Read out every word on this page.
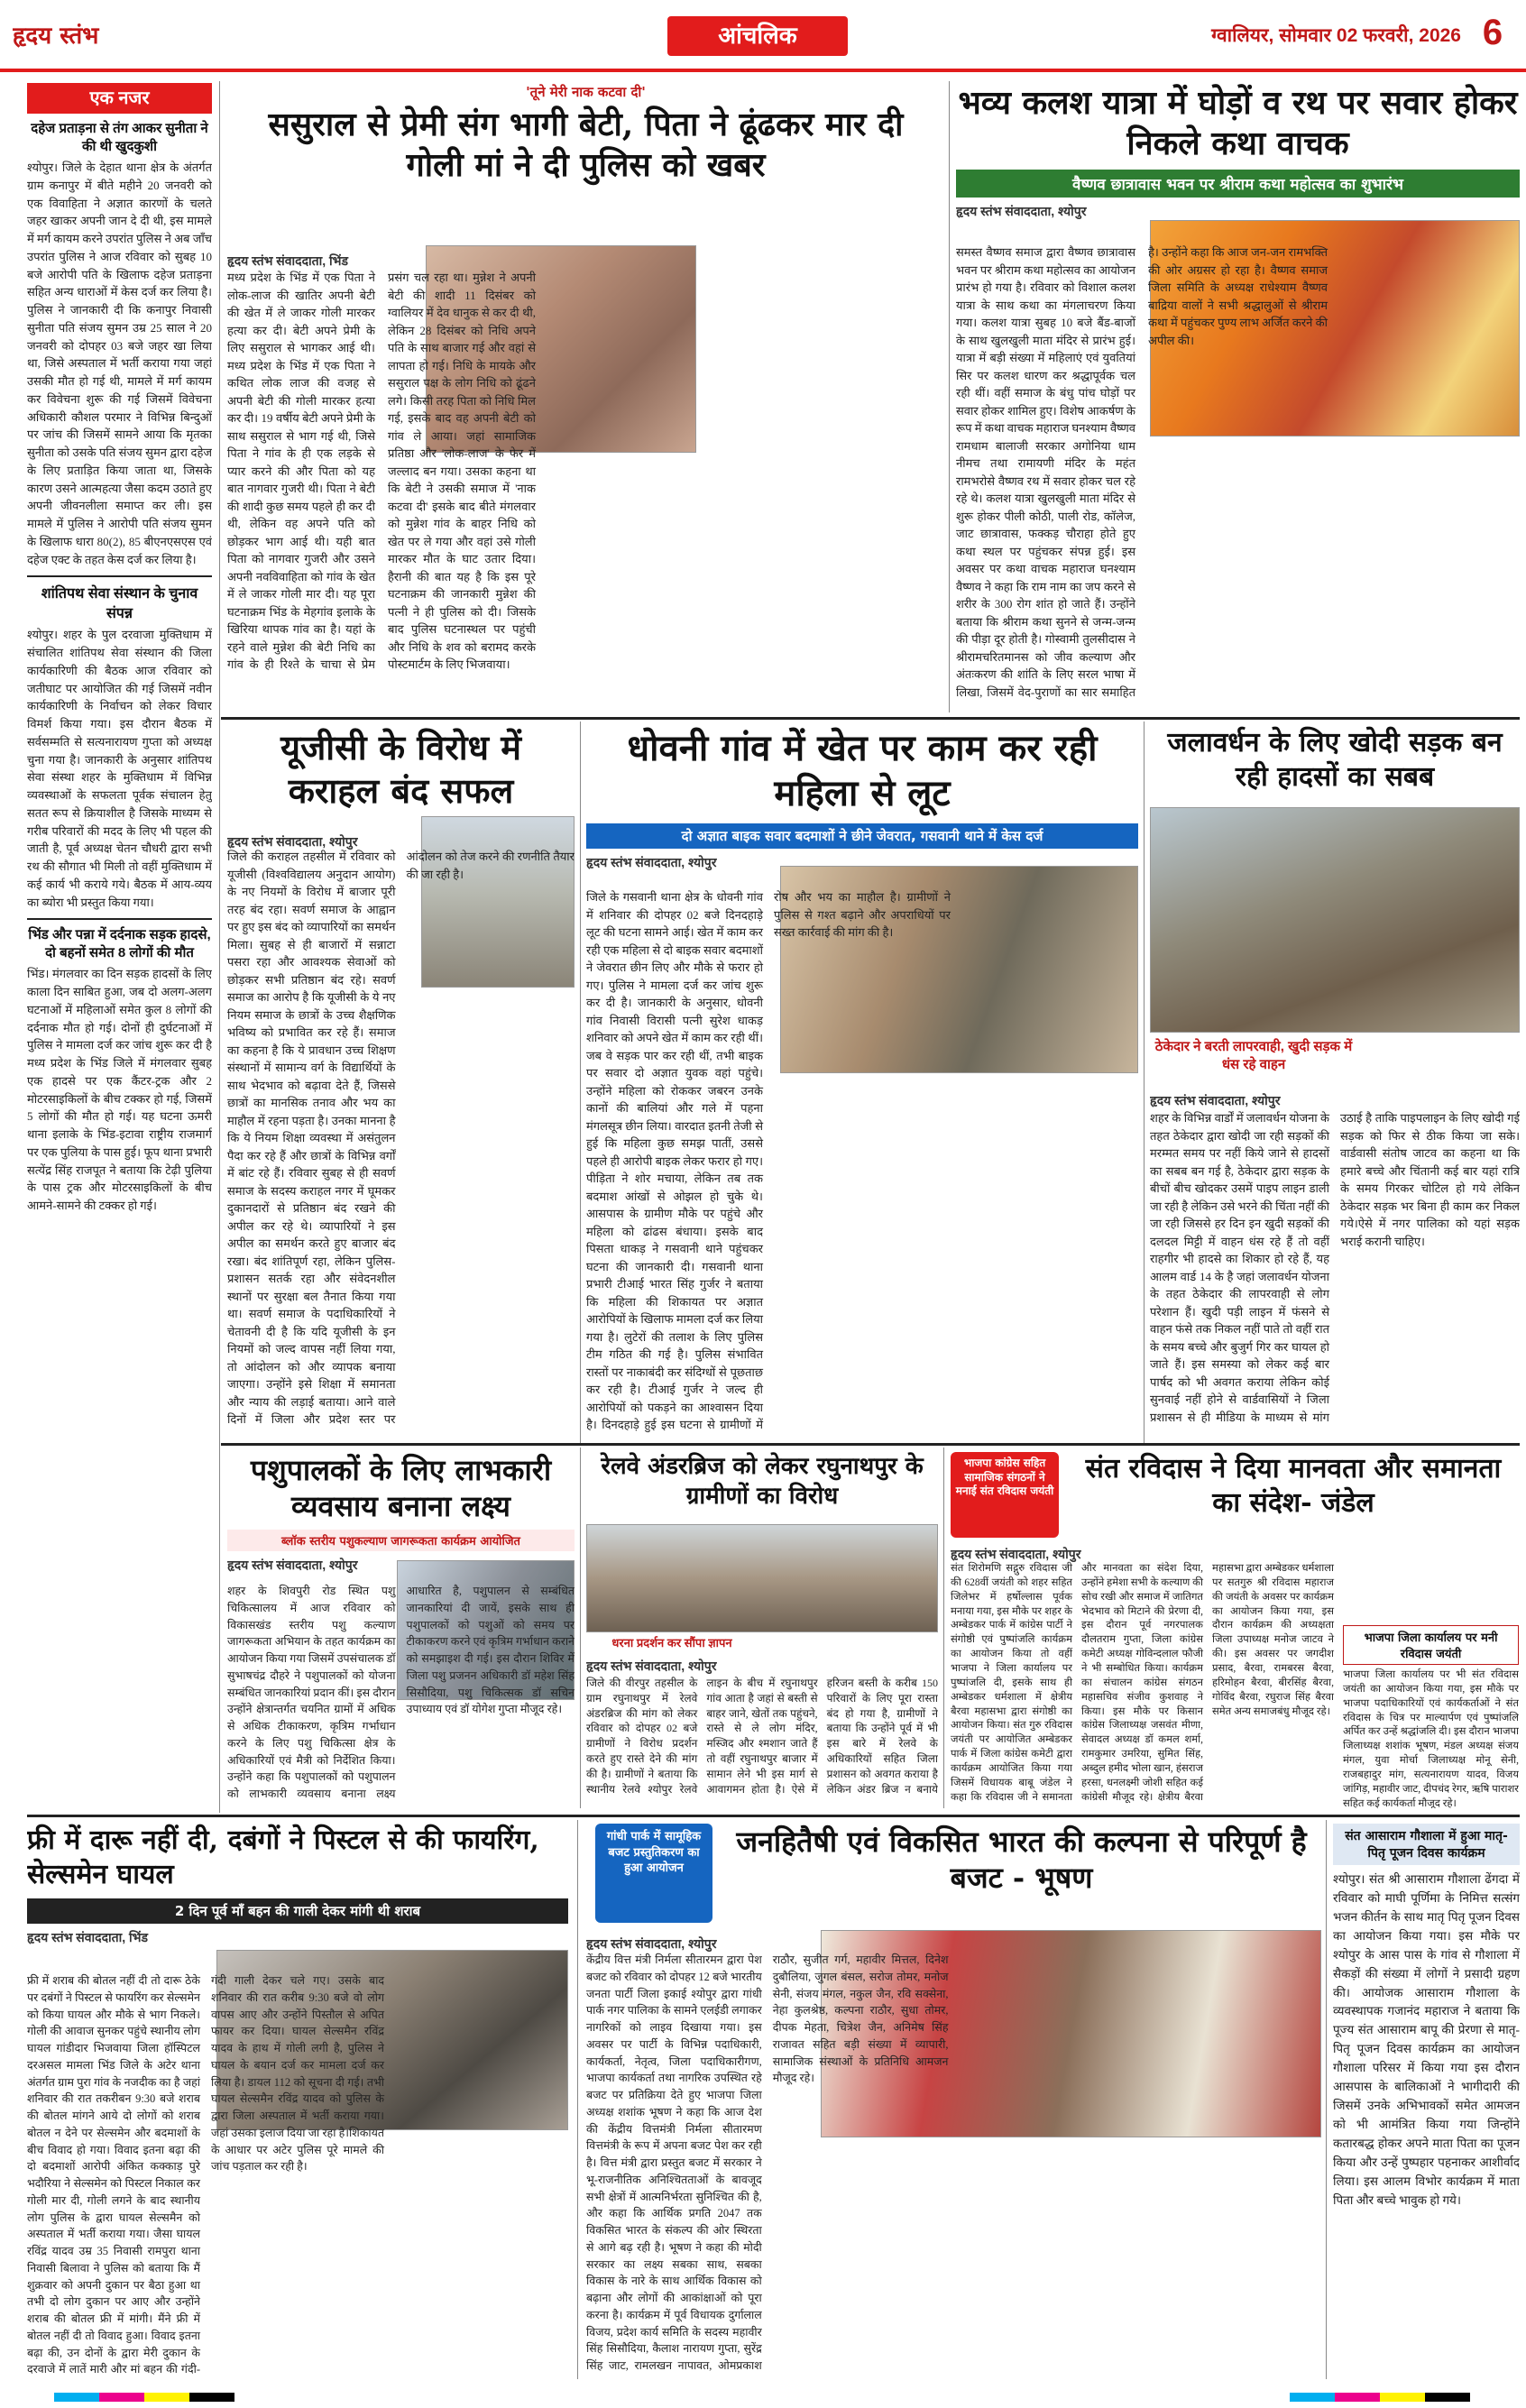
हृदय स्तंभ	आंचलिक	ग्वालियर, सोमवार 02 फरवरी, 2026 6
एक नजर
दहेज प्रताड़ना से तंग आकर सुनीता ने की थी खुदकुशी
श्योपुर। जिले के देहात थाना क्षेत्र के अंतर्गत ग्राम कनापुर में बीते महीने 20 जनवरी को एक विवाहिता ने अज्ञात कारणों के चलते जहर खाकर अपनी जान दे दी थी, इस मामले में मर्ग कायम करने उपरांत पुलिस ने अब जाँच उपरांत पुलिस ने आज रविवार को सुबह 10 बजे आरोपी पति के खिलाफ दहेज प्रताड़ना सहित अन्य धाराओं में केस दर्ज कर लिया है। पुलिस ने जानकारी दी कि कनापुर निवासी सुनीता पति संजय सुमन उम्र 25 साल ने 20 जनवरी को दोपहर 03 बजे जहर खा लिया था, जिसे अस्पताल में भर्ती कराया गया जहां उसकी मौत हो गई थी, मामले में मर्ग कायम कर विवेचना शुरू की गई जिसमें विवेचना अधिकारी कौशल परमार ने विभिन्न बिन्दुओं पर जांच की जिसमें सामने आया कि मृतका सुनीता को उसके पति संजय सुमन द्वारा दहेज के लिए प्रताड़ित किया जाता था, जिसके कारण उसने आत्महत्या जैसा कदम उठाते हुए अपनी जीवनलीला समाप्त कर ली। इस मामले में पुलिस ने आरोपी पति संजय सुमन के खिलाफ धारा 80(2), 85 बीएनएसएस एवं दहेज एक्ट के तहत केस दर्ज कर लिया है।
शांतिपथ सेवा संस्थान के चुनाव संपन्न
श्योपुर। शहर के पुल दरवाजा मुक्तिधाम में संचालित शांतिपथ सेवा संस्थान की जिला कार्यकारिणी की बैठक आज रविवार को जतीघाट पर आयोजित की गई जिसमें नवीन कार्यकारिणी के निर्वाचन को लेकर विचार विमर्श किया गया। इस दौरान बैठक में सर्वसम्मति से सत्यनारायण गुप्ता को अध्यक्ष चुना गया है। जानकारी के अनुसार शांतिपथ सेवा संस्था शहर के मुक्तिधाम में विभिन्न व्यवस्थाओं के सफलता पूर्वक संचालन हेतु सतत रूप से क्रियाशील है जिसके माध्यम से गरीब परिवारों की मदद के लिए भी पहल की जाती है, पूर्व अध्यक्ष चेतन चौधरी द्वारा सभी रथ की सौगात भी मिली तो वहीं मुक्तिधाम में कई कार्य भी कराये गये। बैठक में आय-व्यय का ब्योरा भी प्रस्तुत किया गया।
भिंड और पन्ना में दर्दनाक सड़क हादसे, दो बहनों समेत 8 लोगों की मौत
भिंड। मंगलवार का दिन सड़क हादसों के लिए काला दिन साबित हुआ, जब दो अलग-अलग घटनाओं में महिलाओं समेत कुल 8 लोगों की दर्दनाक मौत हो गई। दोनों ही दुर्घटनाओं में पुलिस ने मामला दर्ज कर जांच शुरू कर दी है मध्य प्रदेश के भिंड जिले में मंगलवार सुबह एक हादसे पर एक कैंटर-ट्रक और 2 मोटरसाइकिलों के बीच टक्कर हो गई, जिसमें 5 लोगों की मौत हो गई। यह घटना ऊमरी थाना इलाके के भिंड-इटावा राष्ट्रीय राजमार्ग पर एक पुलिया के पास हुई। फूप थाना प्रभारी सत्येंद्र सिंह राजपूत ने बताया कि टेढ़ी पुलिया के पास ट्रक और मोटरसाइकिलों के बीच आमने-सामने की टक्कर हो गई।
'तूने मेरी नाक कटवा दी'
ससुराल से प्रेमी संग भागी बेटी, पिता ने ढूंढकर मार दी गोली मां ने दी पुलिस को खबर
हृदय स्तंभ संवाददाता, भिंड
मध्य प्रदेश के भिंड में एक पिता ने लोक-लाज की खातिर अपनी बेटी की खेत में ले जाकर गोली मारकर हत्या कर दी। बेटी अपने प्रेमी के लिए ससुराल से भागकर आई थी। मध्य प्रदेश के भिंड में एक पिता ने कथित लोक लाज की वजह से अपनी बेटी की गोली मारकर हत्या कर दी। 19 वर्षीय बेटी अपने प्रेमी के साथ ससुराल से भाग गई थी, जिसे पिता ने गांव के ही एक लड़के से प्यार करने की और पिता को यह बात नागवार गुजरी थी। पिता ने बेटी की शादी कुछ समय पहले ही कर दी थी, लेकिन वह अपने पति को छोड़कर भाग आई थी। यही बात पिता को नागवार गुजरी और उसने अपनी नवविवाहिता को गांव के खेत में ले जाकर गोली मार दी। यह पूरा घटनाक्रम भिंड के मेहगांव इलाके के खिरिया थापक गांव का है। यहां के रहने वाले मुन्नेश की बेटी निधि का गांव के ही रिश्ते के चाचा से प्रेम प्रसंग चल रहा था। मुन्नेश ने अपनी बेटी की शादी 11 दिसंबर को ग्वालियर में देव धानुक से कर दी थी, लेकिन 28 दिसंबर को निधि अपने पति के साथ बाजार गई और वहां से लापता हो गई। निधि के मायके और ससुराल पक्ष के लोग निधि को ढूंढने लगे। किसी तरह पिता को निधि मिल गई, इसके बाद वह अपनी बेटी को गांव ले आया। जहां सामाजिक प्रतिष्ठा और 'लोक-लाज' के फेर में जल्लाद बन गया। उसका कहना था कि बेटी ने उसकी समाज में 'नाक कटवा दी' इसके बाद बीते मंगलवार को मुन्नेश गांव के बाहर निधि को खेत पर ले गया और वहां उसे गोली मारकर मौत के घाट उतार दिया। हैरानी की बात यह है कि इस पूरे घटनाक्रम की जानकारी मुन्नेश की पत्नी ने ही पुलिस को दी। जिसके बाद पुलिस घटनास्थल पर पहुंची और निधि के शव को बरामद करके पोस्टमार्टम के लिए भिजवाया।
भव्य कलश यात्रा में घोड़ों व रथ पर सवार होकर निकले कथा वाचक
वैष्णव छात्रावास भवन पर श्रीराम कथा महोत्सव का शुभारंभ
हृदय स्तंभ संवाददाता, श्योपुर
समस्त वैष्णव समाज द्वारा वैष्णव छात्रावास भवन पर श्रीराम कथा महोत्सव का आयोजन प्रारंभ हो गया है। रविवार को विशाल कलश यात्रा के साथ कथा का मंगलाचरण किया गया। कलश यात्रा सुबह 10 बजे बैंड-बाजों के साथ खुलखुली माता मंदिर से प्रारंभ हुई। यात्रा में बड़ी संख्या में महिलाएं एवं युवतियां सिर पर कलश धारण कर श्रद्धापूर्वक चल रही थीं। वहीं समाज के बंधु पांच घोड़ों पर सवार होकर शामिल हुए। विशेष आकर्षण के रूप में कथा वाचक महाराज घनश्याम वैष्णव रामधाम बालाजी सरकार अगोनिया धाम नीमच तथा रामायणी मंदिर के महंत रामभरोसे वैष्णव रथ में सवार होकर चल रहे रहे थे। कलश यात्रा खुलखुली माता मंदिर से शुरू होकर पीली कोठी, पाली रोड, कॉलेज, जाट छात्रावास, फक्कड़ चौराहा होते हुए कथा स्थल पर पहुंचकर संपन्न हुई। इस अवसर पर कथा वाचक महाराज घनश्याम वैष्णव ने कहा कि राम नाम का जप करने से शरीर के 300 रोग शांत हो जाते हैं। उन्होंने बताया कि श्रीराम कथा सुनने से जन्म-जन्म की पीड़ा दूर होती है। गोस्वामी तुलसीदास ने श्रीरामचरितमानस को जीव कल्याण और अंतःकरण की शांति के लिए सरल भाषा में लिखा, जिसमें वेद-पुराणों का सार समाहित है। उन्होंने कहा कि आज जन-जन रामभक्ति की ओर अग्रसर हो रहा है। वैष्णव समाज जिला समिति के अध्यक्ष राधेश्याम वैष्णव बाद्रिया वालों ने सभी श्रद्धालुओं से श्रीराम कथा में पहुंचकर पुण्य लाभ अर्जित करने की अपील की।
यूजीसी के विरोध में कराहल बंद सफल
हृदय स्तंभ संवाददाता, श्योपुर
जिले की कराहल तहसील में रविवार को यूजीसी (विश्वविद्यालय अनुदान आयोग) के नए नियमों के विरोध में बाजार पूरी तरह बंद रहा। सवर्ण समाज के आह्वान पर हुए इस बंद को व्यापारियों का समर्थन मिला। सुबह से ही बाजारों में सन्नाटा पसरा रहा और आवश्यक सेवाओं को छोड़कर सभी प्रतिष्ठान बंद रहे। सवर्ण समाज का आरोप है कि यूजीसी के ये नए नियम समाज के छात्रों के उच्च शैक्षणिक भविष्य को प्रभावित कर रहे हैं। समाज का कहना है कि ये प्रावधान उच्च शिक्षण संस्थानों में सामान्य वर्ग के विद्यार्थियों के साथ भेदभाव को बढ़ावा देते हैं, जिससे छात्रों का मानसिक तनाव और भय का माहौल में रहना पड़ता है। उनका मानना है कि ये नियम शिक्षा व्यवस्था में असंतुलन पैदा कर रहे हैं और छात्रों के विभिन्न वर्गों में बांट रहे हैं। रविवार सुबह से ही सवर्ण समाज के सदस्य कराहल नगर में घूमकर दुकानदारों से प्रतिष्ठान बंद रखने की अपील कर रहे थे। व्यापारियों ने इस अपील का समर्थन करते हुए बाजार बंद रखा। बंद शांतिपूर्ण रहा, लेकिन पुलिस-प्रशासन सतर्क रहा और संवेदनशील स्थानों पर सुरक्षा बल तैनात किया गया था। सवर्ण समाज के पदाधिकारियों ने चेतावनी दी है कि यदि यूजीसी के इन नियमों को जल्द वापस नहीं लिया गया, तो आंदोलन को और व्यापक बनाया जाएगा। उन्होंने इसे शिक्षा में समानता और न्याय की लड़ाई बताया। आने वाले दिनों में जिला और प्रदेश स्तर पर आंदोलन को तेज करने की रणनीति तैयार की जा रही है।
धोवनी गांव में खेत पर काम कर रही महिला से लूट
दो अज्ञात बाइक सवार बदमाशों ने छीने जेवरात, गसवानी थाने में केस दर्ज
हृदय स्तंभ संवाददाता, श्योपुर
जिले के गसवानी थाना क्षेत्र के धोवनी गांव में शनिवार की दोपहर 02 बजे दिनदहाड़े लूट की घटना सामने आई। खेत में काम कर रही एक महिला से दो बाइक सवार बदमाशों ने जेवरात छीन लिए और मौके से फरार हो गए। पुलिस ने मामला दर्ज कर जांच शुरू कर दी है। जानकारी के अनुसार, धोवनी गांव निवासी विरासी पत्नी सुरेश धाकड़ शनिवार को अपने खेत में काम कर रही थीं। जब वे सड़क पार कर रही थीं, तभी बाइक पर सवार दो अज्ञात युवक वहां पहुंचे। उन्होंने महिला को रोककर जबरन उनके कानों की बालियां और गले में पहना मंगलसूत्र छीन लिया। वारदात इतनी तेजी से हुई कि महिला कुछ समझ पातीं, उससे पहले ही आरोपी बाइक लेकर फरार हो गए। पीड़िता ने शोर मचाया, लेकिन तब तक बदमाश आंखों से ओझल हो चुके थे। आसपास के ग्रामीण मौके पर पहुंचे और महिला को ढांढस बंधाया। इसके बाद पिसता धाकड़ ने गसवानी थाने पहुंचकर घटना की जानकारी दी। गसवानी थाना प्रभारी टीआई भारत सिंह गुर्जर ने बताया कि महिला की शिकायत पर अज्ञात आरोपियों के खिलाफ मामला दर्ज कर लिया गया है। लुटेरों की तलाश के लिए पुलिस टीम गठित की गई है। पुलिस संभावित रास्तों पर नाकाबंदी कर संदिग्धों से पूछताछ कर रही है। टीआई गुर्जर ने जल्द ही आरोपियों को पकड़ने का आश्वासन दिया है। दिनदहाड़े हुई इस घटना से ग्रामीणों में रोष और भय का माहौल है। ग्रामीणों ने पुलिस से गश्त बढ़ाने और अपराधियों पर सख्त कार्रवाई की मांग की है।
जलावर्धन के लिए खोदी सड़क बन रही हादसों का सबब
ठेकेदार ने बरती लापरवाही, खुदी सड़क में धंस रहे वाहन
हृदय स्तंभ संवाददाता, श्योपुर
शहर के विभिन्न वार्डों में जलावर्धन योजना के तहत ठेकेदार द्वारा खोदी जा रही सड़कों की मरम्मत समय पर नहीं किये जाने से हादसों का सबब बन गई है, ठेकेदार द्वारा सड़क के बीचों बीच खोदकर उसमें पाइप लाइन डाली जा रही है लेकिन उसे भरने की चिंता नहीं की जा रही जिससे हर दिन इन खुदी सड़कों की दलदल मिट्टी में वाहन धंस रहे हैं तो वहीं राहगीर भी हादसे का शिकार हो रहे हैं, यह आलम वार्ड 14 के है जहां जलावर्धन योजना के तहत ठेकेदार की लापरवाही से लोग परेशान हैं। खुदी पड़ी लाइन में फंसने से वाहन फंसे तक निकल नहीं पाते तो वहीं रात के समय बच्चे और बुजुर्ग गिर कर घायल हो जाते हैं। इस समस्या को लेकर कई बार पार्षद को भी अवगत कराया लेकिन कोई सुनवाई नहीं होने से वार्डवासियों ने जिला प्रशासन से ही मीडिया के माध्यम से मांग उठाई है ताकि पाइपलाइन के लिए खोदी गई सड़क को फिर से ठीक किया जा सके। वार्डवासी संतोष जाटव का कहना था कि हमारे बच्चे और चिंतानी कई बार यहां रात्रि के समय गिरकर चोटिल हो गये लेकिन ठेकेदार सड़क भर बिना ही काम कर निकल गये।ऐसे में नगर पालिका को यहां सड़क भराई करानी चाहिए।
पशुपालकों के लिए लाभकारी व्यवसाय बनाना लक्ष्य
ब्लॉक स्तरीय पशुकल्याण जागरूकता कार्यक्रम आयोजित
हृदय स्तंभ संवाददाता, श्योपुर
शहर के शिवपुरी रोड स्थित पशु चिकित्सालय में आज रविवार को विकासखंड स्तरीय पशु कल्याण जागरूकता अभियान के तहत कार्यक्रम का आयोजन किया गया जिसमें उपसंचालक डॉ सुभाषचंद्र दौहरे ने पशुपालकों को योजना सम्बंधित जानकारियां प्रदान कीं। इस दौरान उन्होंने क्षेत्रान्तर्गत चयनित ग्रामों में अधिक से अधिक टीकाकरण, कृत्रिम गर्भाधान करने के लिए पशु चिकित्सा क्षेत्र के अधिकारियों एवं मैत्री को निर्देशित किया। उन्होंने कहा कि पशुपालकों को पशुपालन को लाभकारी व्यवसाय बनाना लक्ष्य आधारित है, पशुपालन से सम्बंधित जानकारियां दी जायें, इसके साथ ही पशुपालकों को पशुओं को समय पर टीकाकरण करने एवं कृत्रिम गर्भाधान कराने को समझाइश दी गई। इस दौरान शिविर में जिला पशु प्रजनन अधिकारी डॉ महेश सिंह सिसौदिया, पशु चिकित्सक डॉ सचिन उपाध्याय एवं डॉ योगेश गुप्ता मौजूद रहे।
रेलवे अंडरब्रिज को लेकर रघुनाथपुर के ग्रामीणों का विरोध
धरना प्रदर्शन कर सौंपा ज्ञापन
हृदय स्तंभ संवाददाता, श्योपुर
जिले की वीरपुर तहसील के ग्राम रघुनाथपुर में रेलवे अंडरब्रिज की मांग को लेकर रविवार को दोपहर 02 बजे ग्रामीणों ने विरोध प्रदर्शन करते हुए रास्ते देने की मांग की है। ग्रामीणों ने बताया कि स्थानीय रेलवे श्योपुर रेलवे लाइन के बीच में रघुनाथपुर गांव आता है जहां से बस्ती से बाहर जाने, खेतों तक पहुंचने, रास्ते से ले लोग मंदिर, मस्जिद और श्मशान जाते हैं तो वहीं रघुनाथपुर बाजार में सामान लेने भी इस मार्ग से आवागमन होता है। ऐसे में हरिजन बस्ती के करीब 150 परिवारों के लिए पूरा रास्ता बंद हो गया है, ग्रामीणों ने बताया कि उन्होंने पूर्व में भी इस बारे में रेलवे के अधिकारियों सहित जिला प्रशासन को अवगत कराया है लेकिन अंडर ब्रिज न बनाये
भाजपा कांग्रेस सहित सामाजिक संगठनों ने मनाई संत रविदास जयंती
संत रविदास ने दिया मानवता और समानता का संदेश- जंडेल
हृदय स्तंभ संवाददाता, श्योपुर
संत शिरोमणि सद्गुरु रविदास जी की 628वीं जयंती को शहर सहित जिलेभर में हर्षोल्लास पूर्वक मनाया गया, इस मौके पर शहर के अम्बेडकर पार्क में कांग्रेस पार्टी ने संगोष्ठी एवं पुष्पांजलि कार्यक्रम का आयोजन किया तो वहीं भाजपा ने जिला कार्यालय पर पुष्पांजलि दी, इसके साथ ही अम्बेडकर धर्मशाला में क्षेत्रीय बैरवा महासभा द्वारा संगोष्ठी का आयोजन किया। संत गुरु रविदास जयंती पर आयोजित अम्बेडकर पार्क में जिला कांग्रेस कमेटी द्वारा कार्यक्रम आयोजित किया गया जिसमें विधायक बाबू जंडेल ने कहा कि रविदास जी ने समानता और मानवता का संदेश दिया, उन्होंने हमेशा सभी के कल्याण की सोच रखी और समाज में जातिगत भेदभाव को मिटाने की प्रेरणा दी, इस दौरान पूर्व नगरपालक दौलतराम गुप्ता, जिला कांग्रेस कमेटी अध्यक्ष गोविन्दलाल फौजी ने भी सम्बोधित किया। कार्यक्रम का संचालन कांग्रेस संगठन महासचिव संजीव कुशवाह ने किया। इस मौके पर किसान कांग्रेस जिलाध्यक्ष जसवंत मीणा, सेवादल अध्यक्ष डॉ कमल शर्मा, रामकुमार उमरिया, सुमित सिंह, अब्दुल हमीद भोला खान, हंसराज हरसा, धनलक्ष्मी जोशी सहित कई कांग्रेसी मौजूद रहे। क्षेत्रीय बैरवा महासभा द्वारा अम्बेडकर धर्मशाला पर सतगुरु श्री रविदास महाराज की जयंती के अवसर पर कार्यक्रम का आयोजन किया गया, इस दौरान कार्यक्रम की अध्यक्षता जिला उपाध्यक्ष मनोज जाटव ने की। इस अवसर पर जगदीश प्रसाद, बैरवा, रामबरस बैरवा, हरिमोहन बैरवा, बीरसिंह बैरवा, गोविंद बैरवा, रघुराज सिंह बैरवा समेत अन्य समाजबंधु मौजूद रहे।
भाजपा जिला कार्यालय पर मनी रविदास जयंती
भाजपा जिला कार्यालय पर भी संत रविदास जयंती का आयोजन किया गया, इस मौके पर भाजपा पदाधिकारियों एवं कार्यकर्ताओं ने संत रविदास के चित्र पर माल्यार्पण एवं पुष्पांजलि अर्पित कर उन्हें श्रद्धांजलि दी। इस दौरान भाजपा जिलाध्यक्ष शशांक भूषण, मंडल अध्यक्ष संजय मंगल, युवा मोर्चा जिलाध्यक्ष मोनू सेनी, राजबहादुर मांग, सत्यनारायण यादव, विजय जांगिड़, महावीर जाट, दीपचंद रेगर, ऋषि पाराशर सहित कई कार्यकर्ता मौजूद रहे।
फ्री में दारू नहीं दी, दबंगों ने पिस्टल से की फायरिंग, सेल्समेन घायल
2 दिन पूर्व माँ बहन की गाली देकर मांगी थी शराब
हृदय स्तंभ संवाददाता, भिंड
फ्री में शराब की बोतल नहीं दी तो दारू ठेके पर दबंगों ने पिस्टल से फायरिंग कर सेल्समेन को किया घायल और मौके से भाग निकले। गोली की आवाज सुनकर पहुंचे स्थानीय लोग घायल गांडीदार भिजवाया जिला हॉस्पिटल दरअसल मामला भिंड जिले के अटेर थाना अंतर्गत ग्राम पुरा गांव के नजदीक का है जहां शनिवार की रात तकरीबन 9:30 बजे शराब की बोतल मांगने आये दो लोगों को शराब बोतल न देने पर सेल्समेन और बदमाशों के बीच विवाद हो गया। विवाद इतना बढ़ा की दो बदमाशों आरोपी अंकित कक्काड़ पुरे भदौरिया ने सेल्समेन को पिस्टल निकाल कर गोली मार दी, गोली लगने के बाद स्थानीय लोग पुलिस के द्वारा घायल सेल्समैन को अस्पताल में भर्ती कराया गया। जैसा घायल रविंद्र यादव उम्र 35 निवासी रामपुरा थाना निवासी बिलावा ने पुलिस को बताया कि मैं शुक्रवार को अपनी दुकान पर बैठा हुआ था तभी दो लोग दुकान पर आए और उन्होंने शराब की बोतल फ्री में मांगी। मैंने फ्री में बोतल नहीं दी तो विवाद हुआ। विवाद इतना बढ़ा की, उन दोनों के द्वारा मेरी दुकान के दरवाजे में लातें मारी और मां बहन की गंदी-गंदी गाली देकर चले गए। उसके बाद शनिवार की रात करीब 9:30 बजे वो लोग वापस आए और उन्होंने पिस्तौल से अपित फायर कर दिया। घायल सेल्समैन रविंद्र यादव के हाथ में गोली लगी है, पुलिस ने घायल के बयान दर्ज कर मामला दर्ज कर लिया है। डायल 112 को सूचना दी गई। तभी घायल सेल्समैन रविंद्र यादव को पुलिस के द्वारा जिला अस्पताल में भर्ती कराया गया। जहां उसका इलाज दिया जा रहा है।शिकायत के आधार पर अटेर पुलिस पूरे मामले की जांच पड़ताल कर रही है।
गांधी पार्क में सामूहिक बजट प्रस्तुतिकरण का हुआ आयोजन
जनहितैषी एवं विकसित भारत की कल्पना से परिपूर्ण है बजट - भूषण
हृदय स्तंभ संवाददाता, श्योपुर
केंद्रीय वित्त मंत्री निर्मला सीतारमन द्वारा पेश बजट को रविवार को दोपहर 12 बजे भारतीय जनता पार्टी जिला इकाई श्योपुर द्वारा गांधी पार्क नगर पालिका के सामने एलईडी लगाकर नागरिकों को लाइव दिखाया गया। इस अवसर पर पार्टी के विभिन्न पदाधिकारी, कार्यकर्ता, नेतृत्व, जिला पदाधिकारीगण, भाजपा कार्यकर्ता तथा नागरिक उपस्थित रहे बजट पर प्रतिक्रिया देते हुए भाजपा जिला अध्यक्ष शशांक भूषण ने कहा कि आज देश की केंद्रीय वित्तमंत्री निर्मला सीतारमण वित्तमंत्री के रूप में अपना बजट पेश कर रही है। वित्त मंत्री द्वारा प्रस्तुत बजट में सरकार ने भू-राजनीतिक अनिश्चितताओं के बावजूद सभी क्षेत्रों में आत्मनिर्भरता सुनिश्चित की है, और कहा कि आर्थिक प्रगति 2047 तक विकसित भारत के संकल्प की ओर स्थिरता से आगे बढ़ रही है। भूषण ने कहा की मोदी सरकार का लक्ष्य सबका साथ, सबका विकास के नारे के साथ आर्थिक विकास को बढ़ाना और लोगों की आकांक्षाओं को पूरा करना है। कार्यक्रम में पूर्व विधायक दुर्गालाल विजय, प्रदेश कार्य समिति के सदस्य महावीर सिंह सिसौदिया, कैलाश नारायण गुप्ता, सुरेंद्र सिंह जाट, रामलखन नापावत, ओमप्रकाश राठौर, सुजीत गर्ग, महावीर मित्तल, दिनेश दुबौलिया, जुगल बंसल, सरोज तोमर, मनोज सेनी, संजय मंगल, नकुल जैन, रवि सक्सेना, नेहा कुलश्रेष्ठ, कल्पना राठौर, सुधा तोमर, दीपक मेहता, चित्रेश जैन, अनिमेष सिंह राजावत सहित बड़ी संख्या में व्यापारी, सामाजिक संस्थाओं के प्रतिनिधि आमजन मौजूद रहे।
संत आसाराम गौशाला में हुआ मातृ-पितृ पूजन दिवस कार्यक्रम
श्योपुर। संत श्री आसाराम गौशाला ढेंगदा में रविवार को माघी पूर्णिमा के निमित्त सत्संग भजन कीर्तन के साथ मातृ पितृ पूजन दिवस का आयोजन किया गया। इस मौके पर श्योपुर के आस पास के गांव से गौशाला में सैकड़ों की संख्या में लोगों ने प्रसादी ग्रहण की। आयोजक आसाराम गौशाला के व्यवस्थापक गजानंद महाराज ने बताया कि पूज्य संत आसाराम बापू की प्रेरणा से मातृ-पितृ पूजन दिवस कार्यक्रम का आयोजन गौशाला परिसर में किया गया इस दौरान आसपास के बालिकाओं ने भागीदारी की जिसमें उनके अभिभावकों समेत आमजन को भी आमंत्रित किया गया जिन्होंने कतारबद्ध होकर अपने माता पिता का पूजन किया और उन्हें पुष्पहार पहनाकर आशीर्वाद लिया। इस आलम विभोर कार्यक्रम में माता पिता और बच्चे भावुक हो गये।
